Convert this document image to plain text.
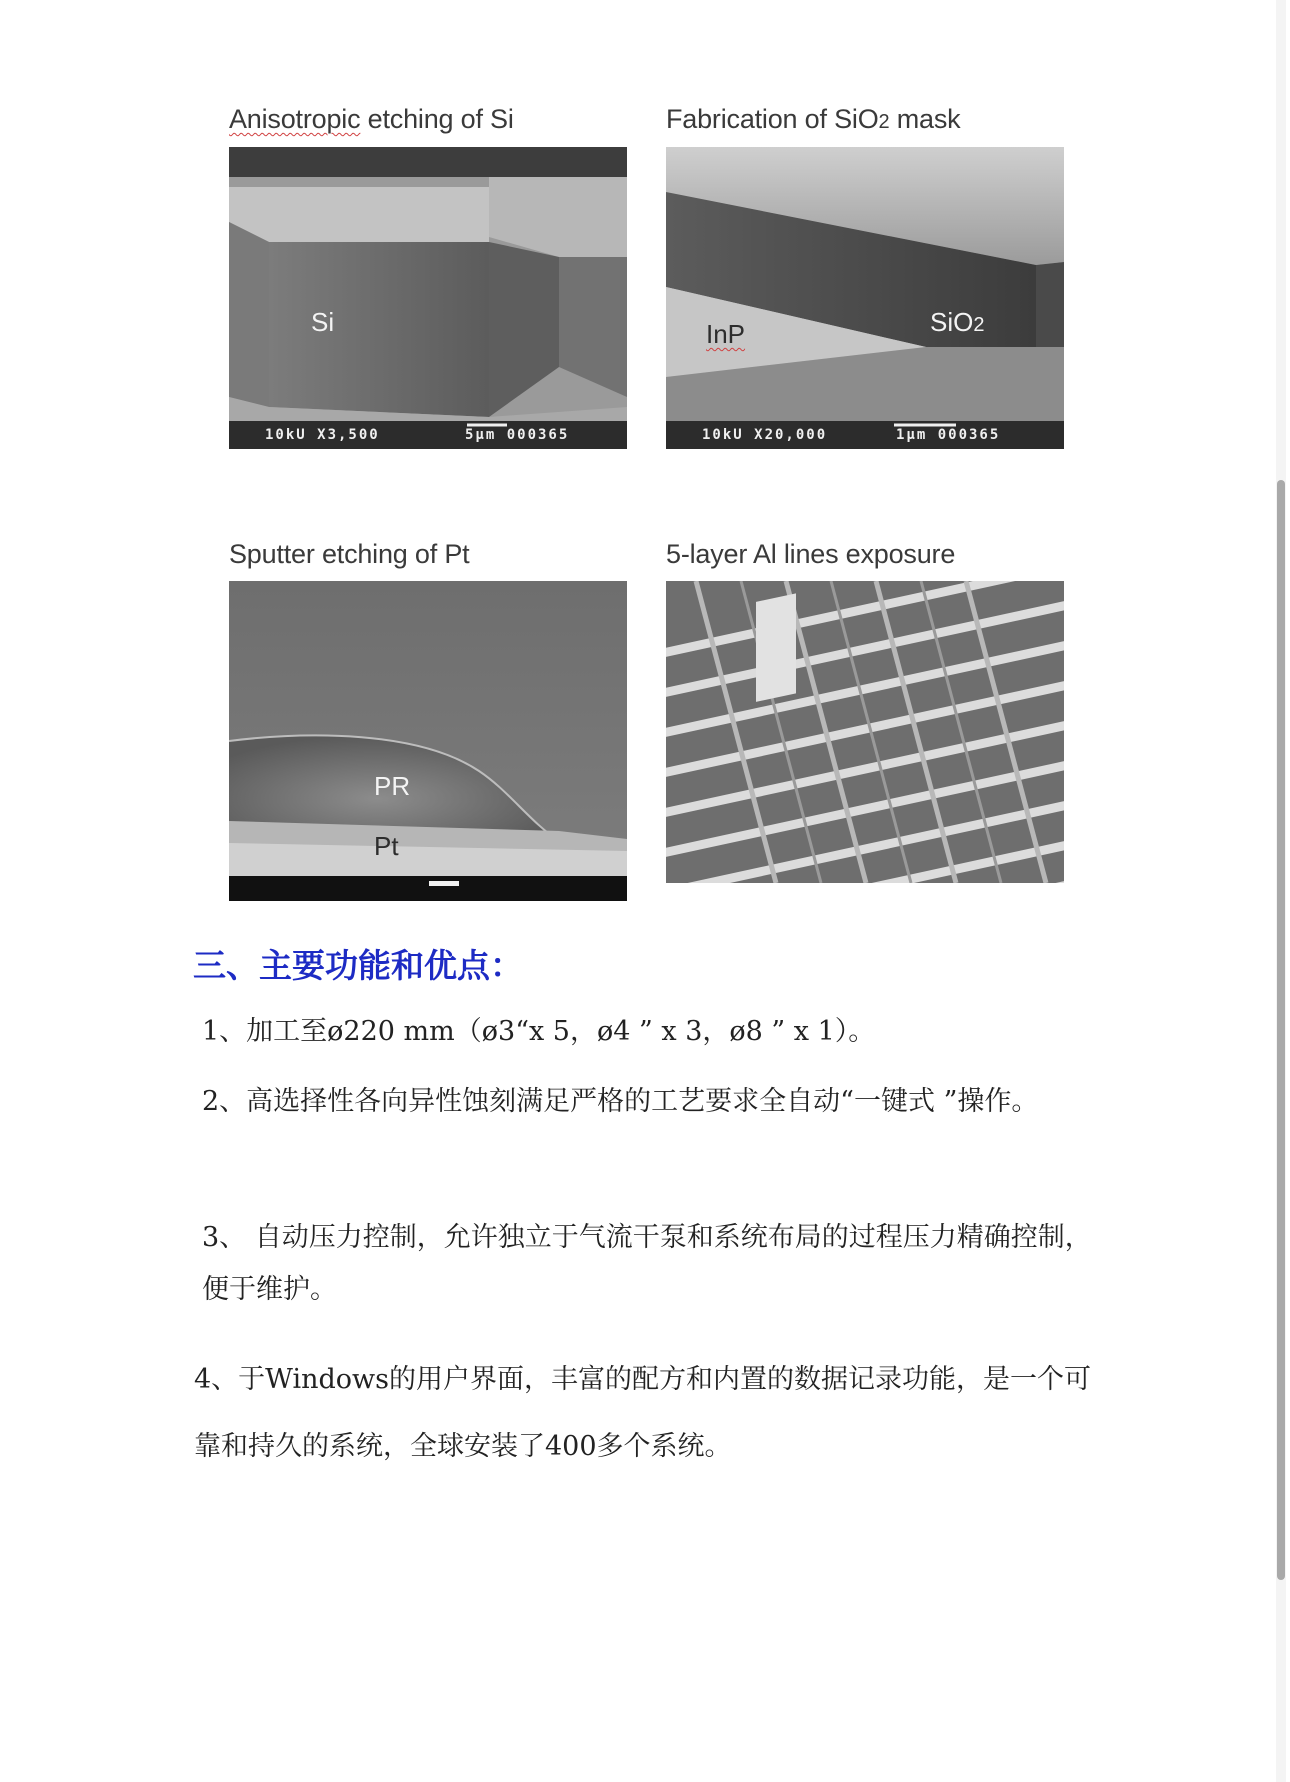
Anisotropic etching of Si
Si
10kU X3,500	5µm 000365
Fabrication of SiO2 mask
InP	SiO2
10kU X20,000	1µm 000365
Sputter etching of Pt
PR
Pt
5-layer Al lines exposure
三、主要功能和优点：
1、加工至ø220 mm（ø3“x 5，ø4 ” x 3，ø8 ” x 1）。
2、高选择性各向异性蚀刻满足严格的工艺要求全自动“一键式 ”操作。
3、 自动压力控制，允许独立于气流干泵和系统布局的过程压力精确控制，便于维护。
4、于Windows的用户界面，丰富的配方和内置的数据记录功能，是一个可靠和持久的系统，全球安装了400多个系统。
